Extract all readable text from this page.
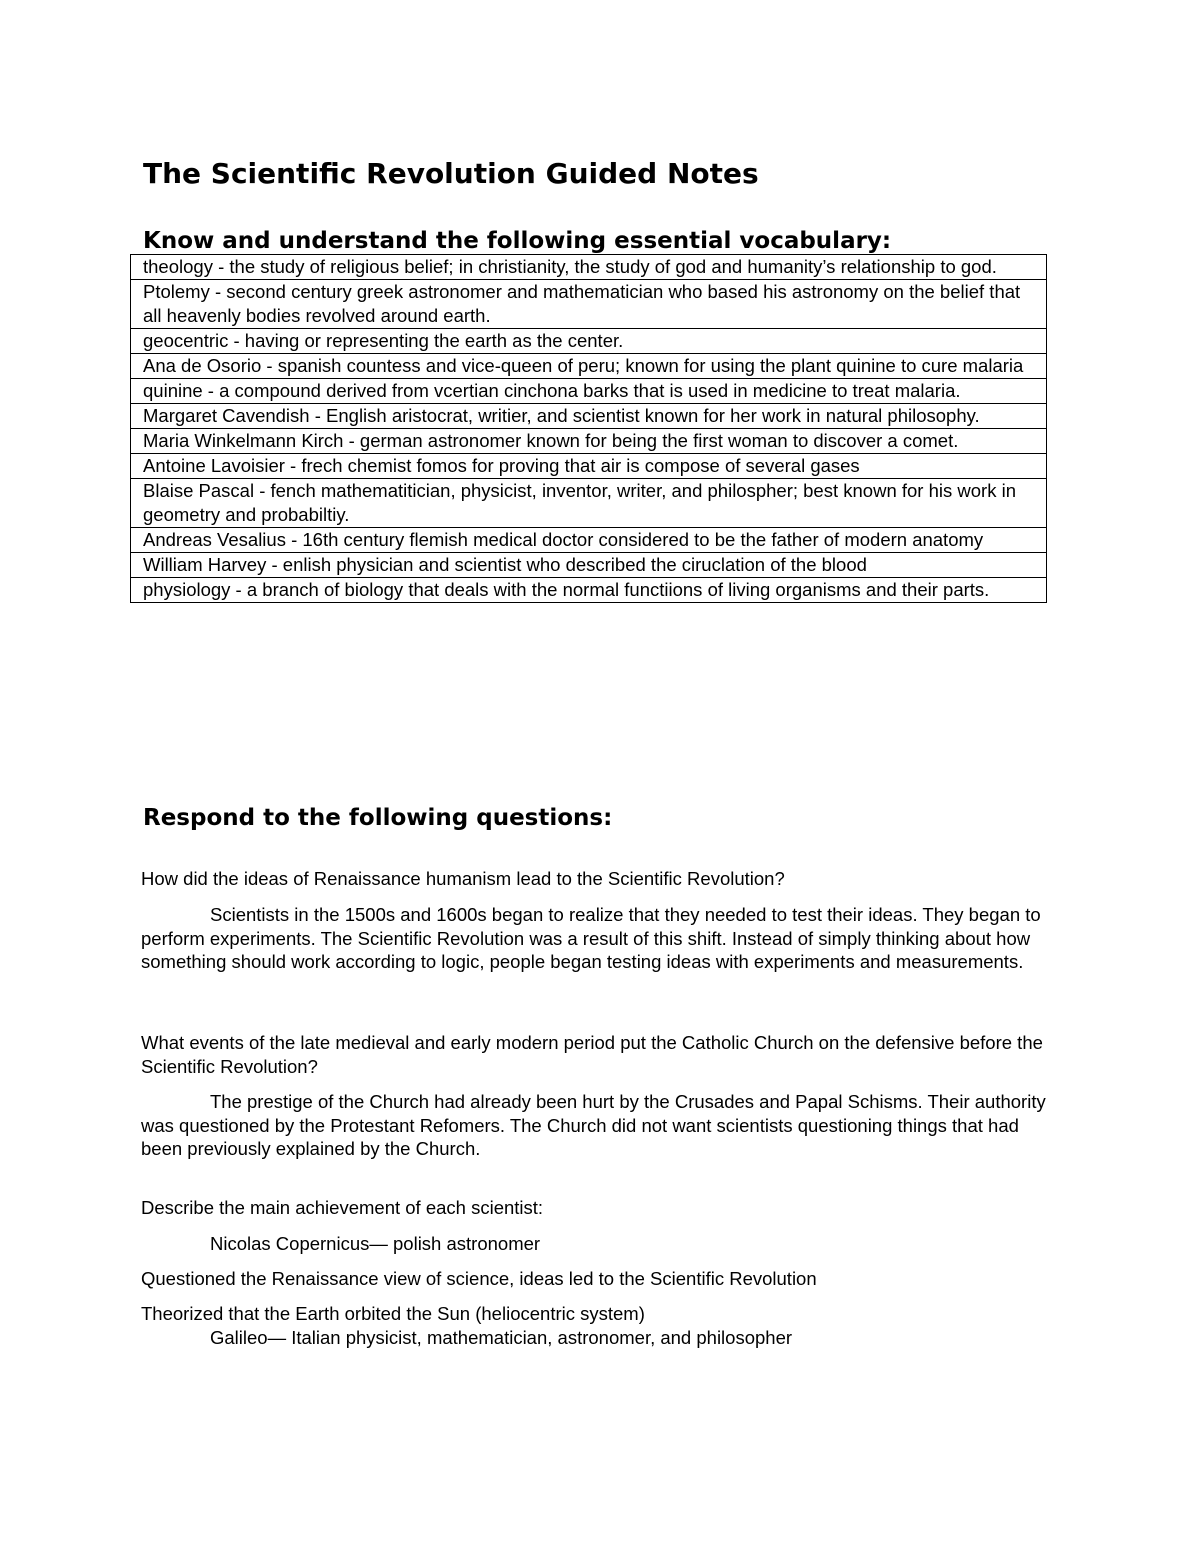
The Scientific Revolution Guided Notes
Know and understand the following essential vocabulary:
theology - the study of religious belief; in christianity, the study of god and humanity’s relationship to god.
Ptolemy - second century greek astronomer and mathematician who based his astronomy on the belief that all heavenly bodies revolved around earth.
geocentric - having or representing the earth as the center.
Ana de Osorio - spanish countess and vice-queen of peru; known for using the plant quinine to cure malaria
quinine - a compound derived from vcertian cinchona barks that is used in medicine to treat malaria.
Margaret Cavendish - English aristocrat, writier, and scientist known for her work in natural philosophy.
Maria Winkelmann Kirch - german astronomer known for being the first woman to discover a comet.
Antoine Lavoisier - frech chemist fomos for proving that air is compose of several gases
Blaise Pascal - fench mathematitician, physicist, inventor, writer, and philospher; best known for his work in geometry and probabiltiy.
Andreas Vesalius - 16th century flemish medical doctor considered to be the father of modern anatomy
William Harvey - enlish physician and scientist who described the ciruclation of the blood
physiology - a branch of biology that deals with the normal functiions of living organisms and their parts.
Respond to the following questions:

How did the ideas of Renaissance humanism lead to the Scientific Revolution?

Scientists in the 1500s and 1600s began to realize that they needed to test their ideas. They began to perform experiments. The Scientific Revolution was a result of this shift. Instead of simply thinking about how something should work according to logic, people began testing ideas with experiments and measurements.

What events of the late medieval and early modern period put the Catholic Church on the defensive before the Scientific Revolution?

The prestige of the Church had already been hurt by the Crusades and Papal Schisms. Their authority was questioned by the Protestant Refomers. The Church did not want scientists questioning things that had been previously explained by the Church.

Describe the main achievement of each scientist:

Nicolas Copernicus— polish astronomer

Questioned the Renaissance view of science, ideas led to the Scientific Revolution

Theorized that the Earth orbited the Sun (heliocentric system)

Galileo— Italian physicist, mathematician, astronomer, and philosopher
